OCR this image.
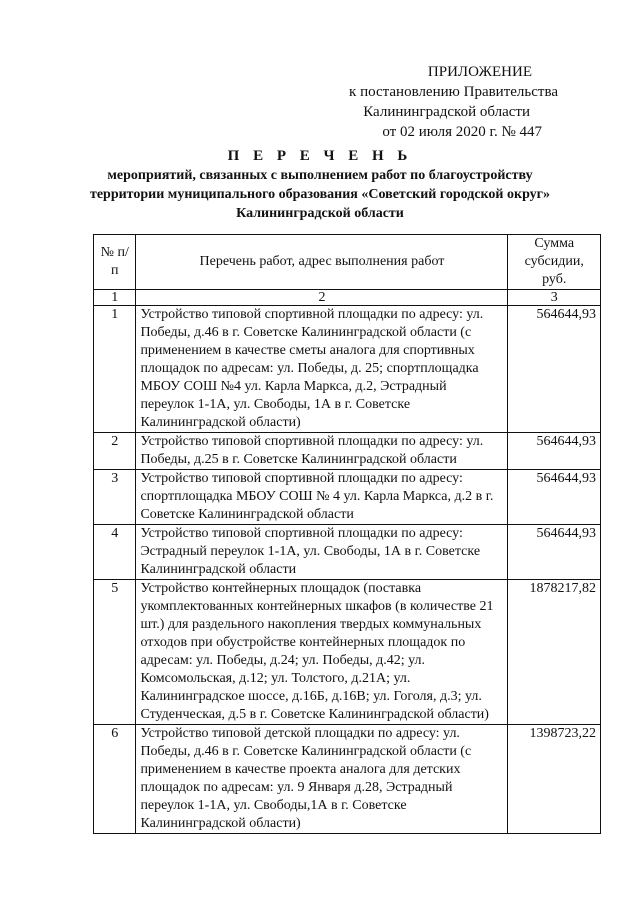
ПРИЛОЖЕНИЕ
к постановлению Правительства
Калининградской области
от 02 июля 2020 г. № 447
П Е Р Е Ч Е Н Ь
мероприятий, связанных с выполнением работ по благоустройству
территории муниципального образования «Советский городской округ»
Калининградской области
№ п/п	Перечень работ, адрес выполнения работ	Сумма субсидии, руб.
1	2	3
1	Устройство типовой спортивной площадки по адресу: ул. Победы, д.46 в г. Советске Калининградской области (с применением в качестве сметы аналога для спортивных площадок по адресам: ул. Победы, д. 25; спортплощадка МБОУ СОШ №4 ул. Карла Маркса, д.2, Эстрадный переулок 1-1А, ул. Свободы, 1А в г. Советске Калининградской области)	564644,93
2	Устройство типовой спортивной площадки по адресу: ул. Победы, д.25 в г. Советске Калининградской области	564644,93
3	Устройство типовой спортивной площадки по адресу: спортплощадка МБОУ СОШ № 4 ул. Карла Маркса, д.2 в г. Советске Калининградской области	564644,93
4	Устройство типовой спортивной площадки по адресу: Эстрадный переулок 1-1А, ул. Свободы, 1А в г. Советске Калининградской области	564644,93
5	Устройство контейнерных площадок (поставка укомплектованных контейнерных шкафов (в количестве 21 шт.) для раздельного накопления твердых коммунальных отходов при обустройстве контейнерных площадок по адресам: ул. Победы, д.24; ул. Победы, д.42; ул. Комсомольская, д.12; ул. Толстого, д.21А; ул. Калининградское шоссе, д.16Б, д.16В; ул. Гоголя, д.3; ул. Студенческая, д.5 в г. Советске Калининградской области)	1878217,82
6	Устройство типовой детской площадки по адресу: ул. Победы, д.46 в г. Советске Калининградской области (с применением в качестве проекта аналога для детских площадок по адресам: ул. 9 Января д.28, Эстрадный переулок 1-1А, ул. Свободы,1А в г. Советске Калининградской области)	1398723,22
